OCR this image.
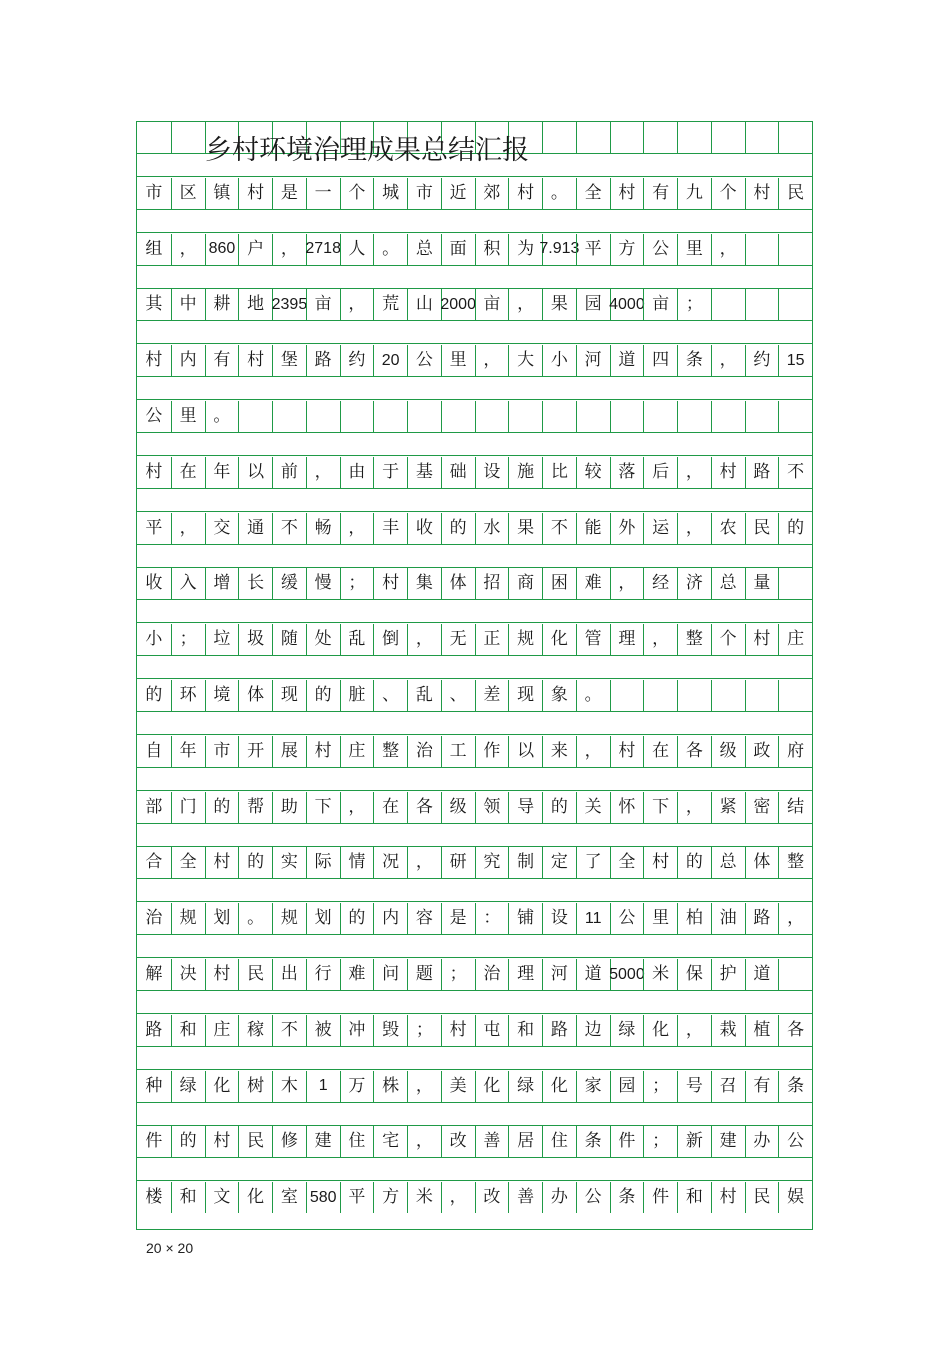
乡村环境治理成果总结汇报
市	区 镇 村 是 一 个 城 市 近 郊 村 。 全 村 有 九 个 村 民
组	， 860 户 ， 2718 人 。 总 面 积 为 7.913 平 方 公 里 ，
其	中 耕 地 2395 亩 ， 荒 山 2000 亩 ， 果 园 4000 亩 ；
村	内 有 村 堡 路 约	20 公 里 ， 大 小 河 道 四 条 ， 约	15
公	里 。
村	在 年 以 前 ， 由 于 基 础 设 施 比 较 落 后 ， 村 路 不
平	， 交 通 不 畅 ， 丰 收 的 水 果 不 能 外 运 ， 农 民 的
收	入 增 长 缓 慢 ； 村 集 体 招 商 困 难 ， 经 济 总 量
小	； 垃 圾 随 处 乱 倒 ， 无 正 规 化 管 理 ， 整 个 村 庄
的	环 境 体 现 的 脏 、 乱 、 差 现 象 。
自	年 市 开 展 村 庄 整 治 工 作 以 来 ， 村 在 各 级 政 府
部	门 的 帮 助 下 ， 在 各 级 领 导 的 关 怀 下 ， 紧 密 结
合	全 村 的 实 际 情 况 ， 研 究 制 定 了 全 村 的 总 体 整
治	规 划 。 规 划 的 内 容 是 ： 铺 设	11 公 里 柏 油 路 ，
解	决 村 民 出 行 难 问 题 ； 治 理 河 道 5000 米 保 护 道
路	和 庄 稼 不 被 冲 毁 ； 村 屯 和 路 边 绿 化 ， 栽 植 各
种	绿 化 树 木	1	万 株 ， 美 化 绿 化 家 园 ； 号 召 有 条
件	的 村 民 修 建 住 宅 ， 改 善 居 住 条 件 ； 新 建 办 公
楼	和 文 化 室 580 平 方 米 ， 改 善 办 公 条 件 和 村 民 娱
20 × 20
